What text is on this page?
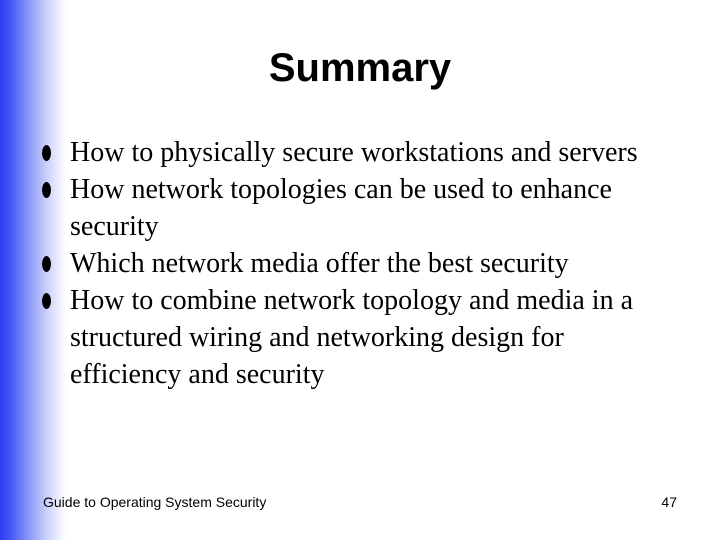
Summary
How to physically secure workstations and servers
How network topologies can be used to enhance security
Which network media offer the best security
How to combine network topology and media in a structured wiring and networking design for efficiency and security
Guide to Operating System Security	47
